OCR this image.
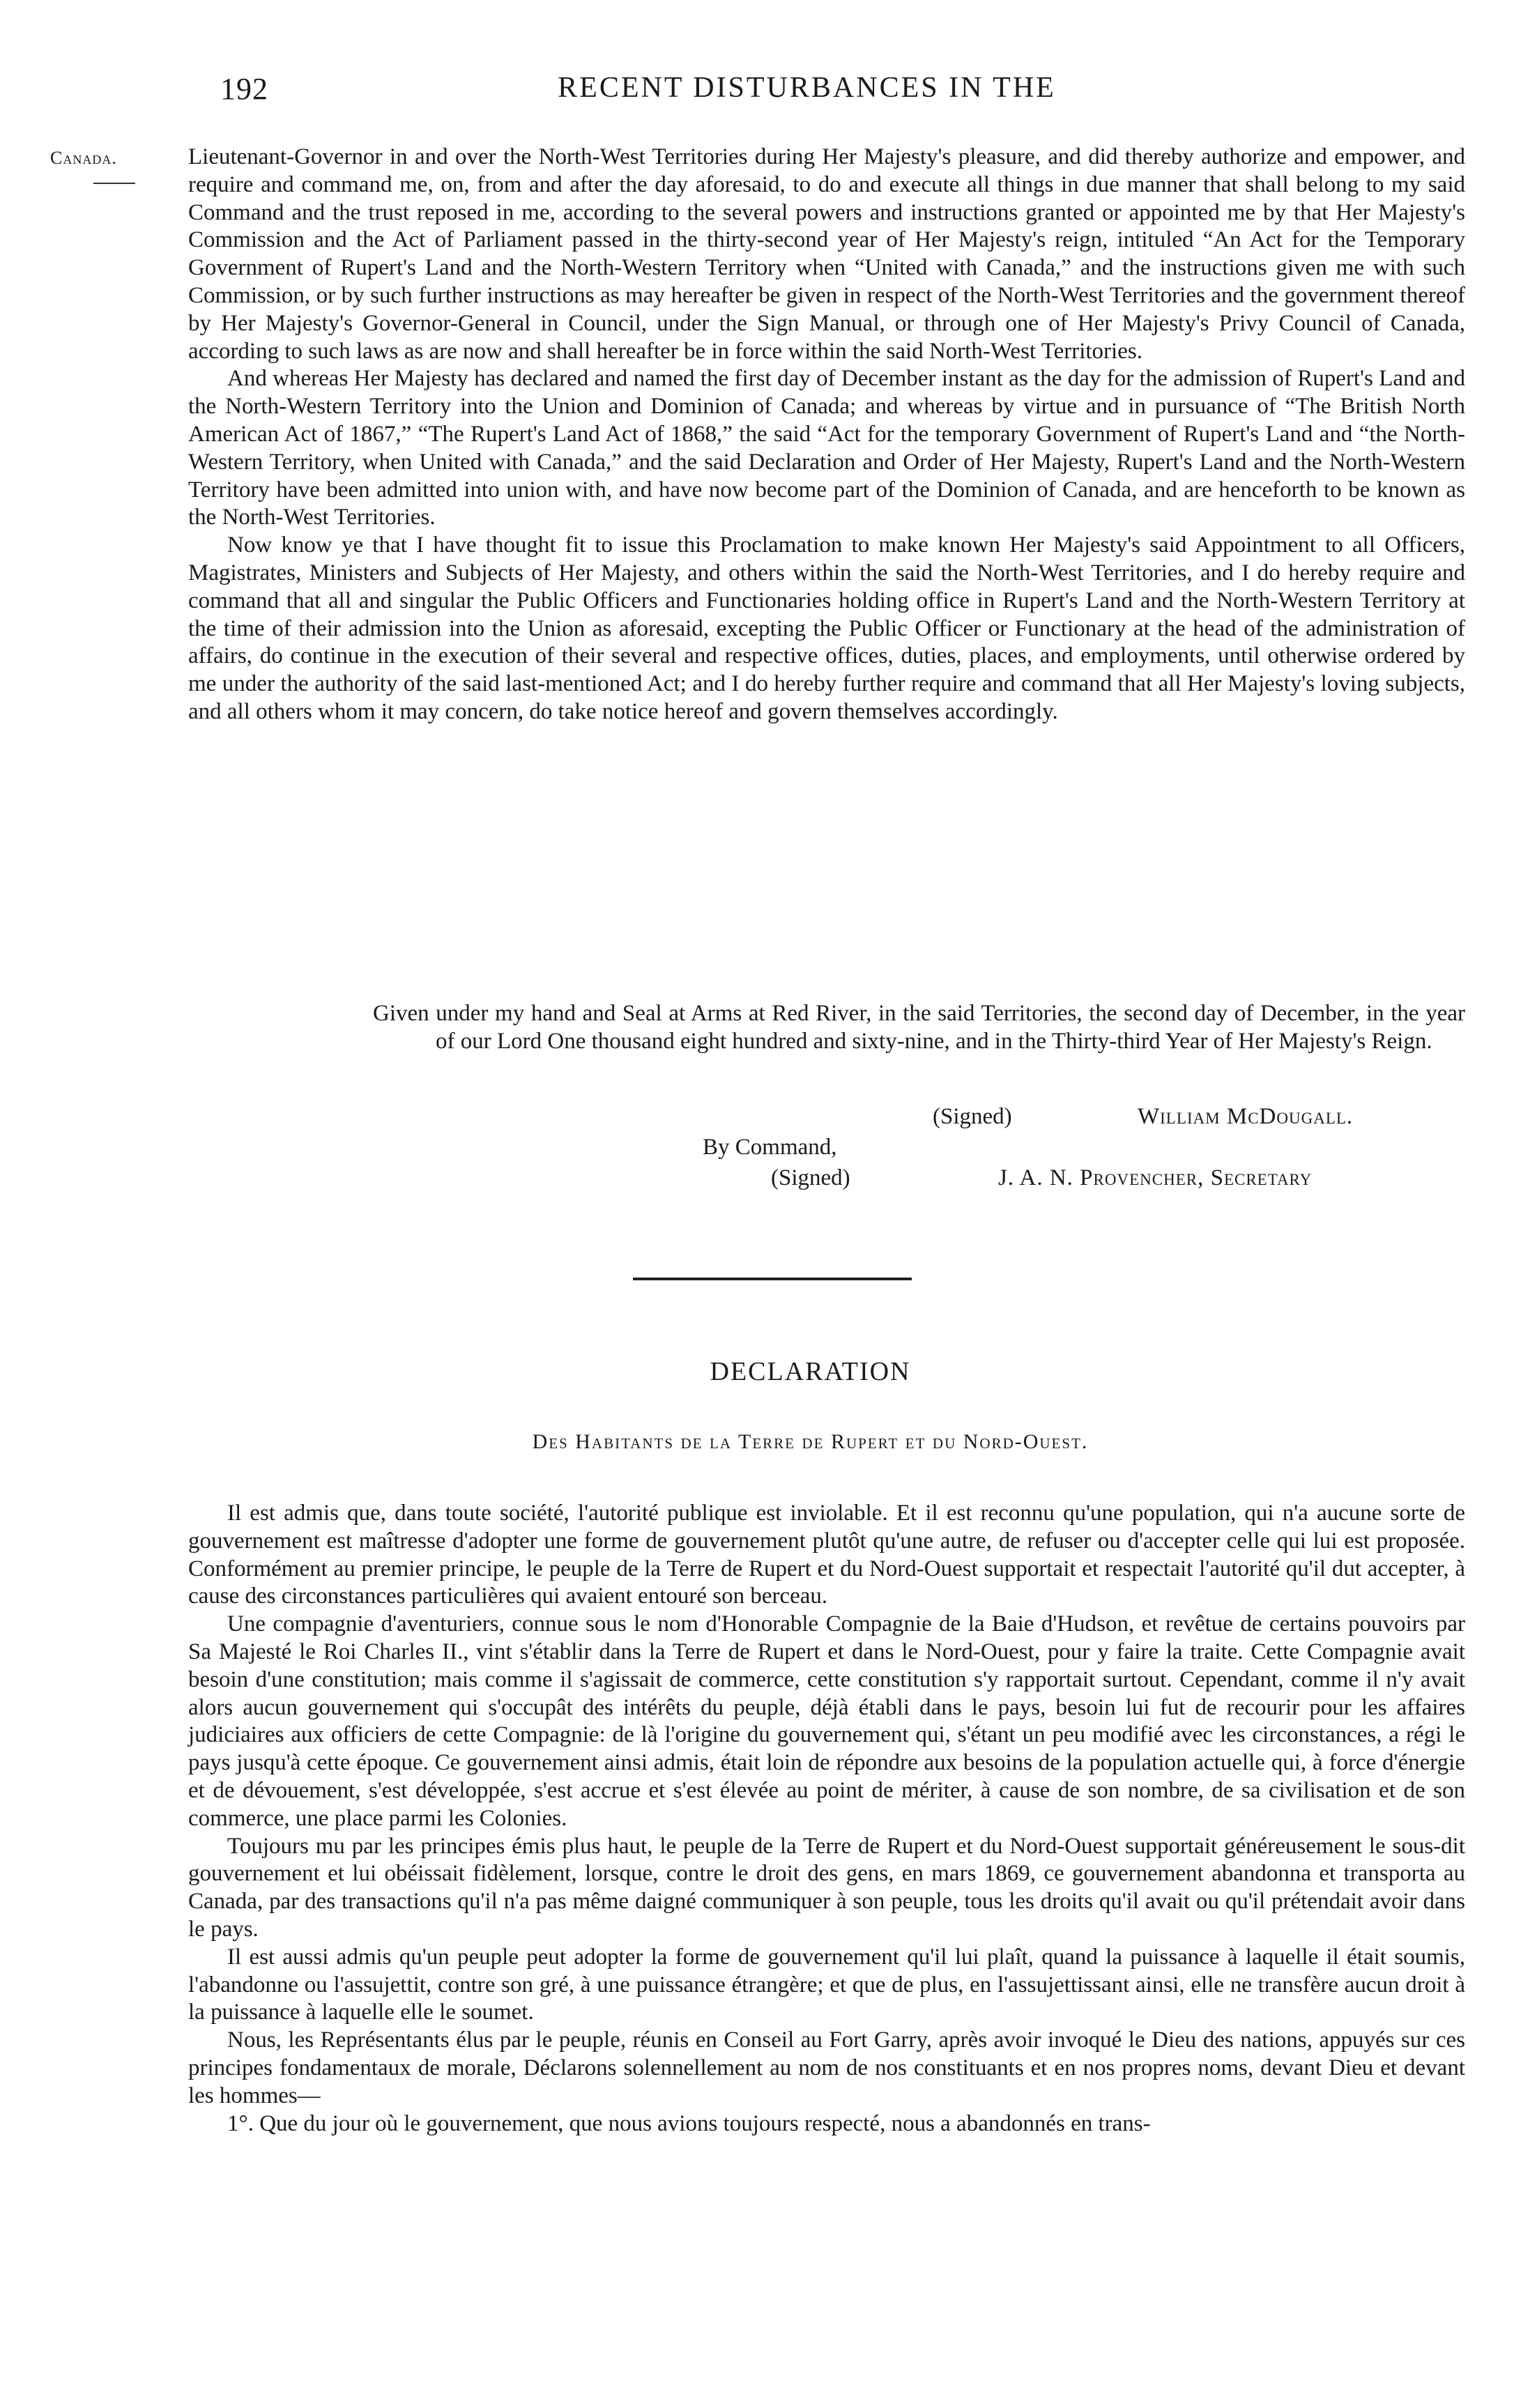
192	RECENT DISTURBANCES IN THE
Canada.	Lieutenant-Governor in and over the North-West Territories during Her Majesty's pleasure, and did thereby authorize and empower, and require and command me, on, from and after the day aforesaid, to do and execute all things in due manner that shall belong to my said Command and the trust reposed in me, according to the several powers and instructions granted or appointed me by that Her Majesty's Commission and the Act of Parliament passed in the thirty-second year of Her Majesty's reign, intituled “An Act for the Temporary Government of Rupert's Land and the North-Western Territory when “United with Canada,” and the instructions given me with such Commission, or by such further instructions as may hereafter be given in respect of the North-West Territories and the government thereof by Her Majesty's Governor-General in Council, under the Sign Manual, or through one of Her Majesty's Privy Council of Canada, according to such laws as are now and shall hereafter be in force within the said North-West Territories.

And whereas Her Majesty has declared and named the first day of December instant as the day for the admission of Rupert's Land and the North-Western Territory into the Union and Dominion of Canada; and whereas by virtue and in pursuance of “The British North American Act of 1867,” “The Rupert's Land Act of 1868,” the said “Act for the temporary Government of Rupert's Land and “the North-Western Territory, when United with Canada,” and the said Declaration and Order of Her Majesty, Rupert's Land and the North-Western Territory have been admitted into union with, and have now become part of the Dominion of Canada, and are henceforth to be known as the North-West Territories.

Now know ye that I have thought fit to issue this Proclamation to make known Her Majesty's said Appointment to all Officers, Magistrates, Ministers and Subjects of Her Majesty, and others within the said the North-West Territories, and I do hereby require and command that all and singular the Public Officers and Functionaries holding office in Rupert's Land and the North-Western Territory at the time of their admission into the Union as aforesaid, excepting the Public Officer or Functionary at the head of the administration of affairs, do continue in the execution of their several and respective offices, duties, places, and employments, until otherwise ordered by me under the authority of the said last-mentioned Act; and I do hereby further require and command that all Her Majesty's loving subjects, and all others whom it may concern, do take notice hereof and govern themselves accordingly.

Given under my hand and Seal at Arms at Red River, in the said Territories, the second day of December, in the year of our Lord One thousand eight hundred and sixty-nine, and in the Thirty-third Year of Her Majesty's Reign.

(Signed)	William McDougall.
By Command,
(Signed)	J. A. N. Provencher, Secretary
DECLARATION
Des Habitants de la Terre de Rupert et du Nord-Ouest.

Il est admis que, dans toute société, l'autorité publique est inviolable. Et il est reconnu qu'une population, qui n'a aucune sorte de gouvernement est maîtresse d'adopter une forme de gouvernement plutôt qu'une autre, de refuser ou d'accepter celle qui lui est proposée. Conformément au premier principe, le peuple de la Terre de Rupert et du Nord-Ouest supportait et respectait l'autorité qu'il dut accepter, à cause des circonstances particulières qui avaient entouré son berceau.

Une compagnie d'aventuriers, connue sous le nom d'Honorable Compagnie de la Baie d'Hudson, et revêtue de certains pouvoirs par Sa Majesté le Roi Charles II., vint s'établir dans la Terre de Rupert et dans le Nord-Ouest, pour y faire la traite. Cette Compagnie avait besoin d'une constitution; mais comme il s'agissait de commerce, cette constitution s'y rapportait surtout. Cependant, comme il n'y avait alors aucun gouvernement qui s'occupât des intérêts du peuple, déjà établi dans le pays, besoin lui fut de recourir pour les affaires judiciaires aux officiers de cette Compagnie: de là l'origine du gouvernement qui, s'étant un peu modifié avec les circonstances, a régi le pays jusqu'à cette époque. Ce gouvernement ainsi admis, était loin de répondre aux besoins de la population actuelle qui, à force d'énergie et de dévouement, s'est développée, s'est accrue et s'est élevée au point de mériter, à cause de son nombre, de sa civilisation et de son commerce, une place parmi les Colonies.

Toujours mu par les principes émis plus haut, le peuple de la Terre de Rupert et du Nord-Ouest supportait généreusement le sous-dit gouvernement et lui obéissait fidèlement, lorsque, contre le droit des gens, en mars 1869, ce gouvernement abandonna et transporta au Canada, par des transactions qu'il n'a pas même daigné communiquer à son peuple, tous les droits qu'il avait ou qu'il prétendait avoir dans le pays.

Il est aussi admis qu'un peuple peut adopter la forme de gouvernement qu'il lui plaît, quand la puissance à laquelle il était soumis, l'abandonne ou l'assujettit, contre son gré, à une puissance étrangère; et que de plus, en l'assujettissant ainsi, elle ne transfère aucun droit à la puissance à laquelle elle le soumet.

Nous, les Représentants élus par le peuple, réunis en Conseil au Fort Garry, après avoir invoqué le Dieu des nations, appuyés sur ces principes fondamentaux de morale, Déclarons solennellement au nom de nos constituants et en nos propres noms, devant Dieu et devant les hommes—

1°. Que du jour où le gouvernement, que nous avions toujours respecté, nous a abandonnés en trans-
